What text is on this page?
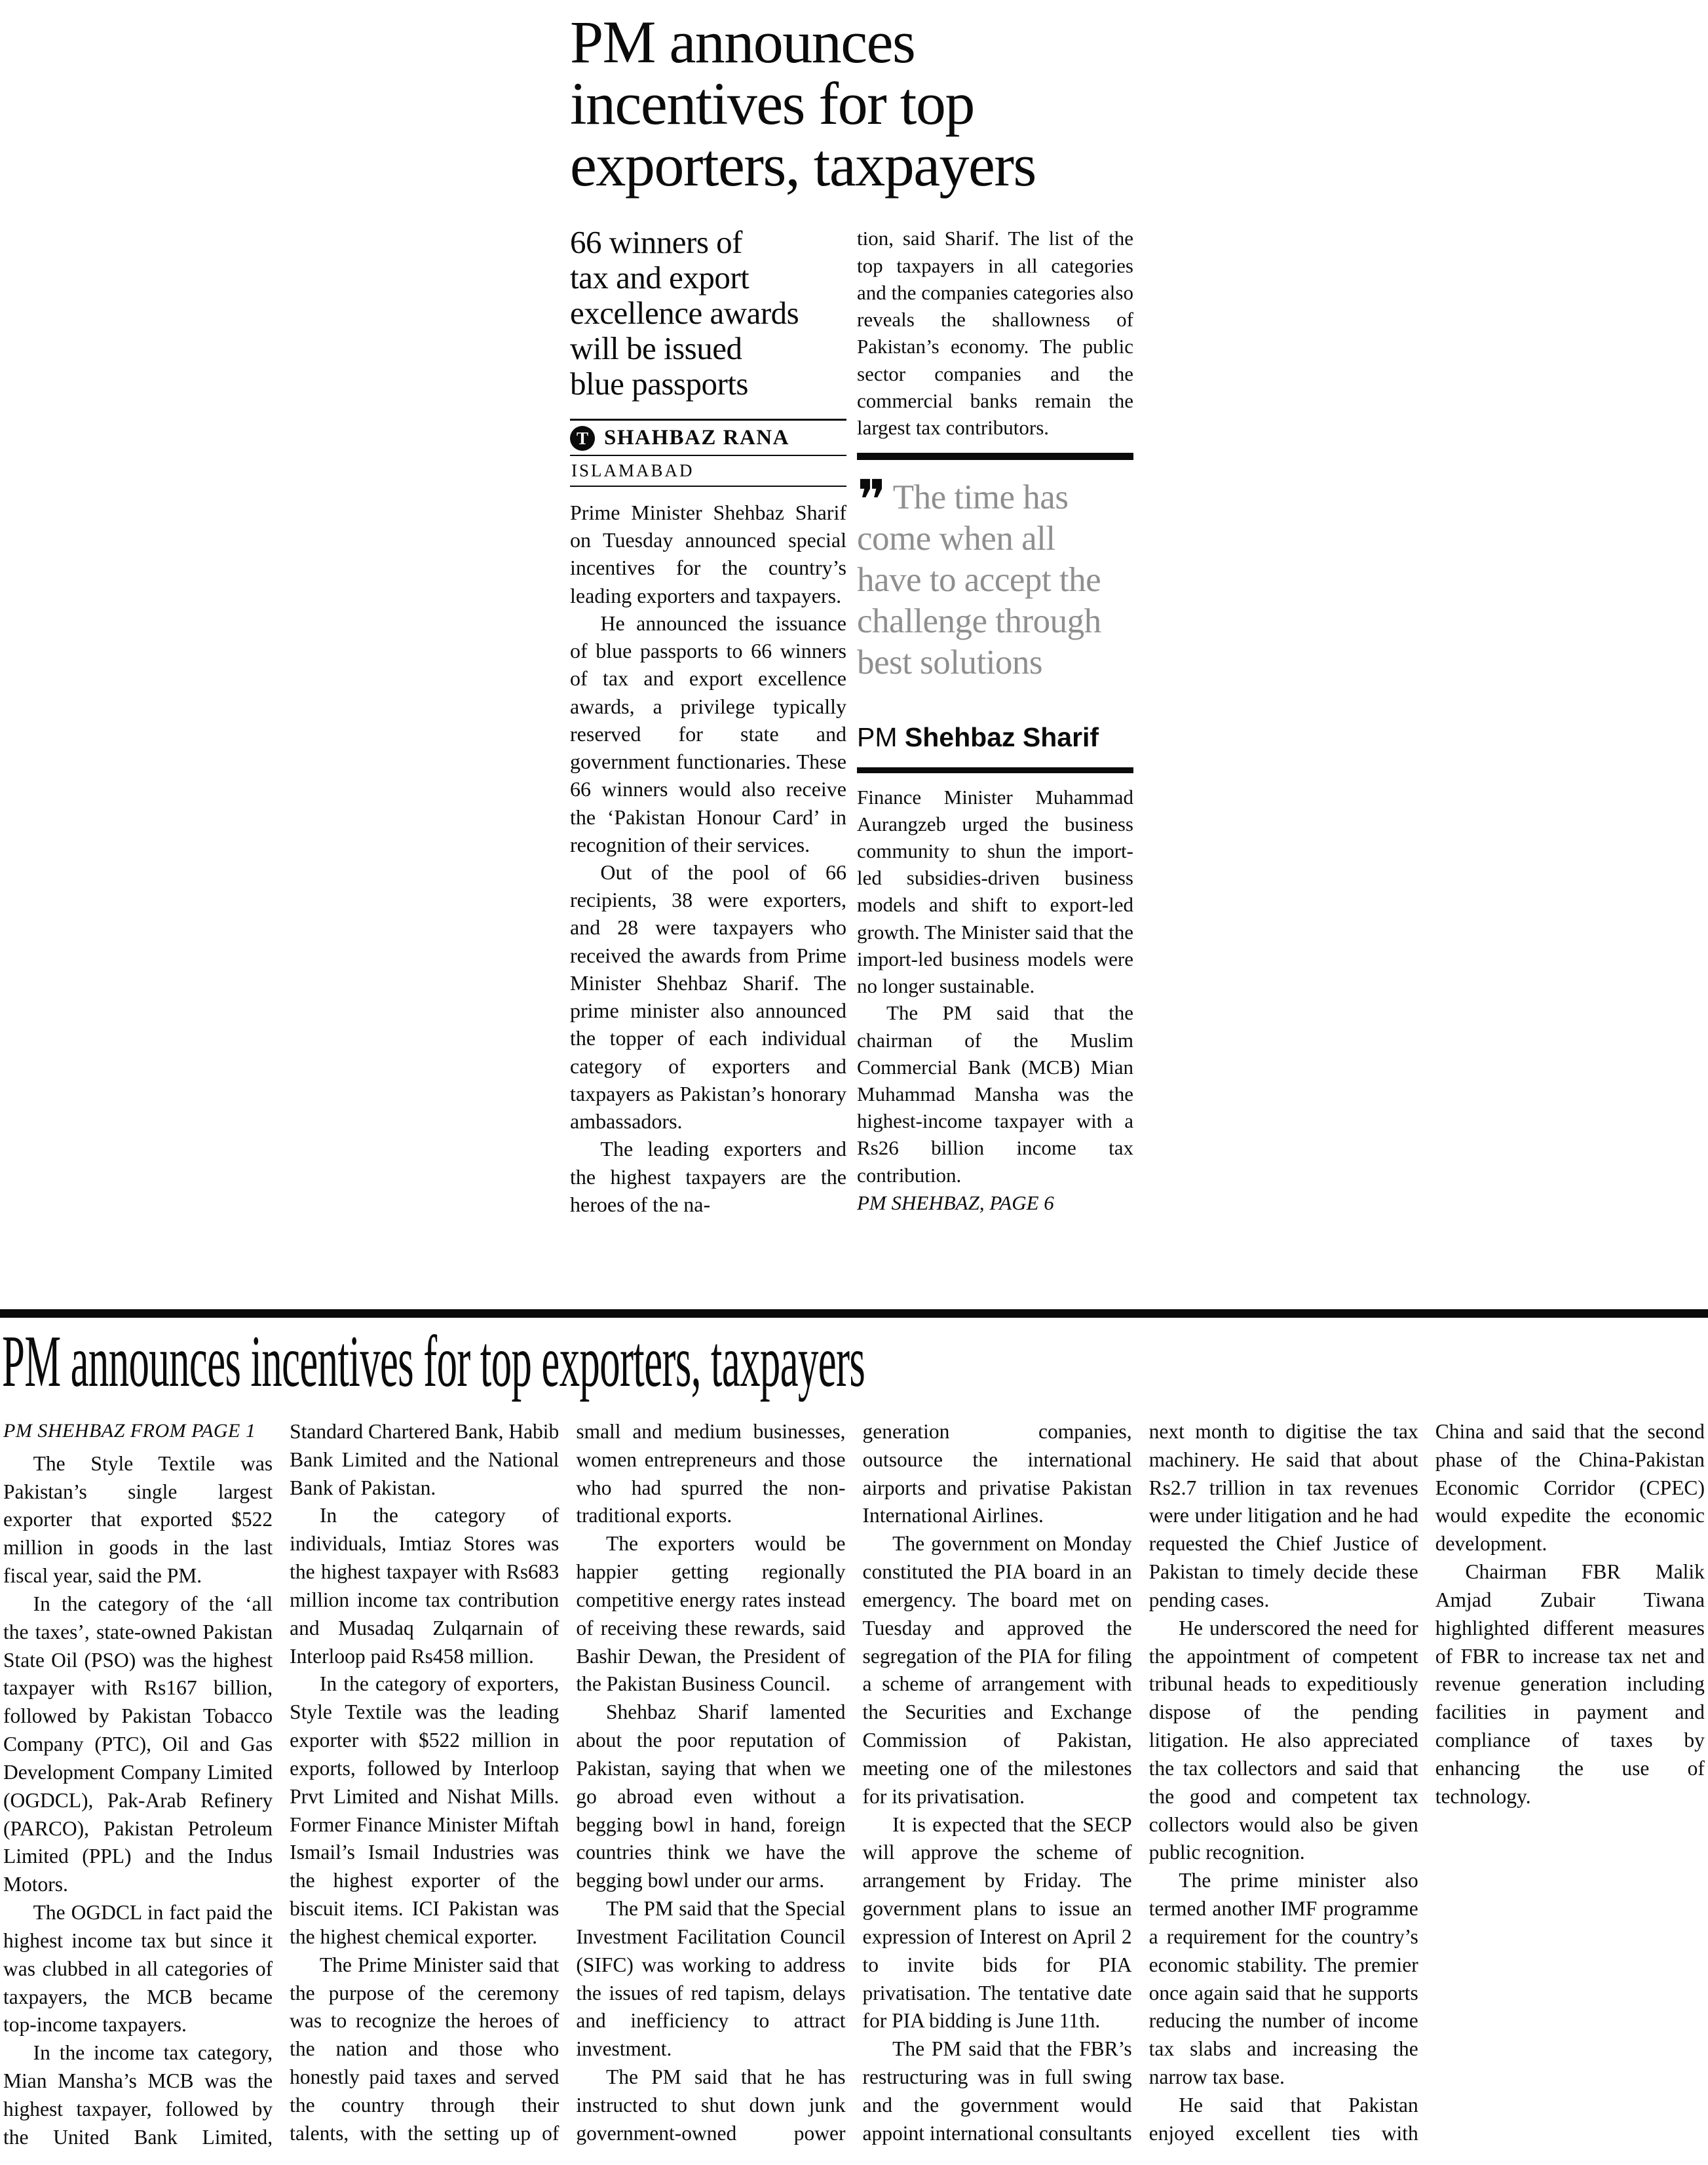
PM announces
incentives for top
exporters, taxpayers
66 winners of
tax and export
excellence awards
will be issued
blue passports
T SHAHBAZ RANA
ISLAMABAD

Prime Minister Shehbaz Sharif on Tuesday announced special incentives for the country’s leading exporters and taxpayers.

He announced the issuance of blue passports to 66 winners of tax and export excellence awards, a privilege typically reserved for state and government functionaries. These 66 winners would also receive the ‘Pakistan Honour Card’ in recognition of their services.

Out of the pool of 66 recipients, 38 were exporters, and 28 were taxpayers who received the awards from Prime Minister Shehbaz Sharif. The prime minister also announced the topper of each individual category of exporters and taxpayers as Pakistan’s honorary ambassadors.

The leading exporters and the highest taxpayers are the heroes of the na-

tion, said Sharif. The list of the top taxpayers in all categories and the companies categories also reveals the shallowness of Pakistan’s economy. The public sector companies and the commercial banks remain the largest tax contributors.

❞ The time has
come when all
have to accept the
challenge through
best solutions
PM Shehbaz Sharif

Finance Minister Muhammad Aurangzeb urged the business community to shun the import-led subsidies-driven business models and shift to export-led growth. The Minister said that the import-led business models were no longer sustainable.

The PM said that the chairman of the Muslim Commercial Bank (MCB) Mian Muhammad Mansha was the highest-income taxpayer with a Rs26 billion income tax contribution.

PM SHEHBAZ, PAGE 6

PM announces incentives for top exporters, taxpayers
PM SHEHBAZ FROM PAGE 1

The Style Textile was Pakistan’s single largest exporter that exported $522 million in goods in the last fiscal year, said the PM.

In the category of the ‘all the taxes’, state-owned Pakistan State Oil (PSO) was the highest taxpayer with Rs167 billion, followed by Pakistan Tobacco Company (PTC), Oil and Gas Development Company Limited (OGDCL), Pak-Arab Refinery (PARCO), Pakistan Petroleum Limited (PPL) and the Indus Motors.

The OGDCL in fact paid the highest income tax but since it was clubbed in all categories of taxpayers, the MCB became top-income taxpayers.

In the income tax category, Mian Mansha’s MCB was the highest taxpayer, followed by the United Bank Limited, Standard Chartered Bank, Habib Bank Limited and the National Bank of Pakistan.

In the category of individuals, Imtiaz Stores was the highest taxpayer with Rs683 million income tax contribution and Musadaq Zulqarnain of Interloop paid Rs458 million.

In the category of exporters, Style Textile was the leading exporter with $522 million in exports, followed by Interloop Prvt Limited and Nishat Mills. Former Finance Minister Miftah Ismail’s Ismail Industries was the highest exporter of the biscuit items. ICI Pakistan was the highest chemical exporter.

The Prime Minister said that the purpose of the ceremony was to recognize the heroes of the nation and those who honestly paid taxes and served the country through their talents, with the setting up of small and medium businesses, women entrepreneurs and those who had spurred the non-traditional exports.

The exporters would be happier getting regionally competitive energy rates instead of receiving these rewards, said Bashir Dewan, the President of the Pakistan Business Council.

Shehbaz Sharif lamented about the poor reputation of Pakistan, saying that when we go abroad even without a begging bowl in hand, foreign countries think we have the begging bowl under our arms.

The PM said that the Special Investment Facilitation Council (SIFC) was working to address the issues of red tapism, delays and inefficiency to attract investment.

The PM said that he has instructed to shut down junk government-owned power generation companies, outsource the international airports and privatise Pakistan International Airlines.

The government on Monday constituted the PIA board in an emergency. The board met on Tuesday and approved the segregation of the PIA for filing a scheme of arrangement with the Securities and Exchange Commission of Pakistan, meeting one of the milestones for its privatisation.

It is expected that the SECP will approve the scheme of arrangement by Friday. The government plans to issue an expression of Interest on April 2 to invite bids for PIA privatisation. The tentative date for PIA bidding is June 11th.

The PM said that the FBR’s restructuring was in full swing and the government would appoint international consultants next month to digitise the tax machinery. He said that about Rs2.7 trillion in tax revenues were under litigation and he had requested the Chief Justice of Pakistan to timely decide these pending cases.

He underscored the need for the appointment of competent tribunal heads to expeditiously dispose of the pending litigation. He also appreciated the tax collectors and said that the good and competent tax collectors would also be given public recognition.

The prime minister also termed another IMF programme a requirement for the country’s economic stability. The premier once again said that he supports reducing the number of income tax slabs and increasing the narrow tax base.

He said that Pakistan enjoyed excellent ties with China and said that the second phase of the China-Pakistan Economic Corridor (CPEC) would expedite the economic development.

Chairman FBR Malik Amjad Zubair Tiwana highlighted different measures of FBR to increase tax net and revenue generation including facilities in payment and compliance of taxes by enhancing the use of technology.
